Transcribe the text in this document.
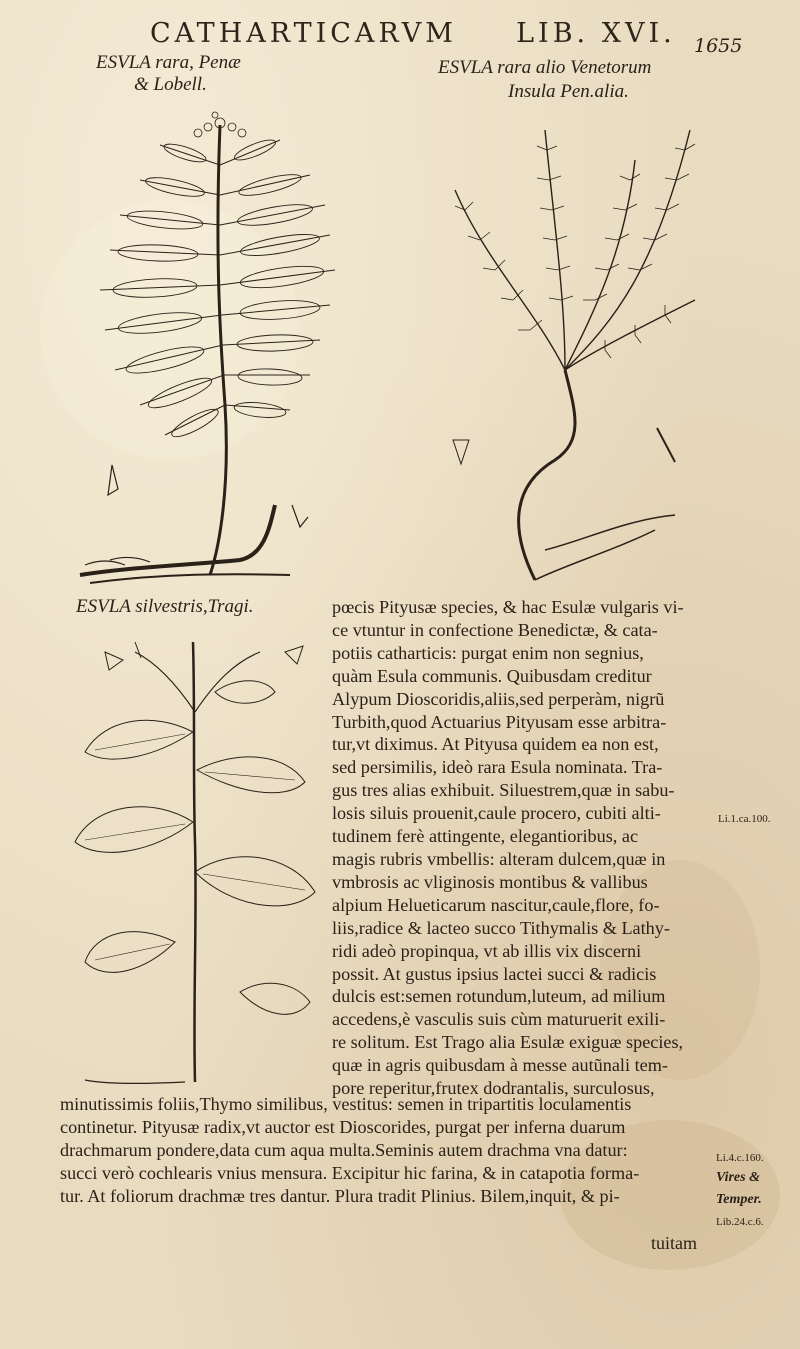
CATHARTICARVM LIB. XVI. 1655
ESVLA rara, Penæ
& Lobell.
ESVLA rara alio Venetorum
Insula Pen.alia.
ESVLA silvestris,Tragi.	pœcis Pityusæ species, & hac Esulæ vulgaris vi-
ce vtuntur in confectione Benedictæ, & cata-
potiis catharticis: purgat enim non segnius,
quàm Esula communis. Quibusdam creditur
Alypum Dioscoridis,aliis,sed perperàm, nigrũ
Turbith,quod Actuarius Pityusam esse arbitra-
tur,vt diximus. At Pityusa quidem ea non est,
sed persimilis, ideò rara Esula nominata. Tra-
gus tres alias exhibuit. Siluestrem,quæ in sabu-
losis siluis prouenit,caule procero, cubiti alti-
tudinem ferè attingente, elegantioribus, ac
magis rubris vmbellis: alteram dulcem,quæ in
vmbrosis ac vliginosis montibus & vallibus
alpium Helueticarum nascitur,caule,flore, fo-
liis,radice & lacteo succo Tithymalis & Lathy-
ridi adeò propinqua, vt ab illis vix discerni
possit. At gustus ipsius lactei succi & radicis
dulcis est:semen rotundum,luteum, ad milium
accedens,è vasculis suis cùm maturuerit exili-
re solitum. Est Trago alia Esulæ exiguæ species,
quæ in agris quibusdam à messe autũnali tem-
pore reperitur,frutex dodrantalis, surculosus,
minutissimis foliis,Thymo similibus, vestitus: semen in tripartitis loculamentis
continetur. Pityusæ radix,vt auctor est Dioscorides, purgat per inferna duarum
drachmarum pondere,data cum aqua multa.Seminis autem drachma vna datur:
succi verò cochlearis vnius mensura. Excipitur hic farina, & in catapotia forma-
tur. At foliorum drachmæ tres dantur. Plura tradit Plinius. Bilem,inquit, & pi-
tuitam
Li.1.ca.100.
Li.4.c.160.
Vires &
Temper.
Lib.24.c.6.
